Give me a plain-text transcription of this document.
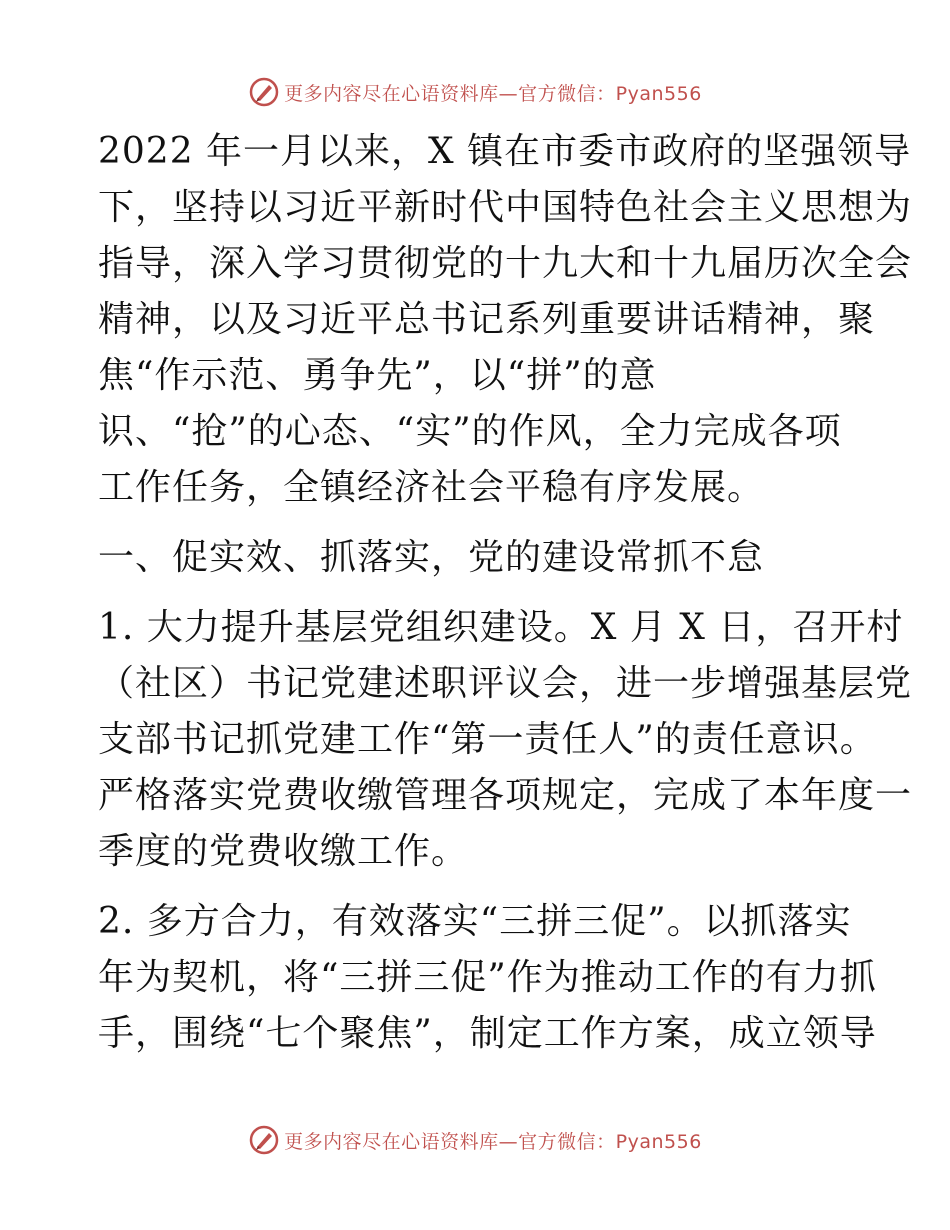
更多内容尽在心语资料库—官方微信：Pyan556
2022 年一月以来，X 镇在市委市政府的坚强领导
下，坚持以习近平新时代中国特色社会主义思想为
指导，深入学习贯彻党的十九大和十九届历次全会
精神，以及习近平总书记系列重要讲话精神，聚
焦“作示范、勇争先”，以“拼”的意
识、“抢”的心态、“实”的作风，全力完成各项
工作任务，全镇经济社会平稳有序发展。
一、促实效、抓落实，党的建设常抓不怠
1. 大力提升基层党组织建设。X 月 X 日，召开村
（社区）书记党建述职评议会，进一步增强基层党
支部书记抓党建工作“第一责任人”的责任意识。
严格落实党费收缴管理各项规定，完成了本年度一
季度的党费收缴工作。
2. 多方合力，有效落实“三拼三促”。以抓落实
年为契机，将“三拼三促”作为推动工作的有力抓
手，围绕“七个聚焦”，制定工作方案，成立领导
更多内容尽在心语资料库—官方微信：Pyan556
